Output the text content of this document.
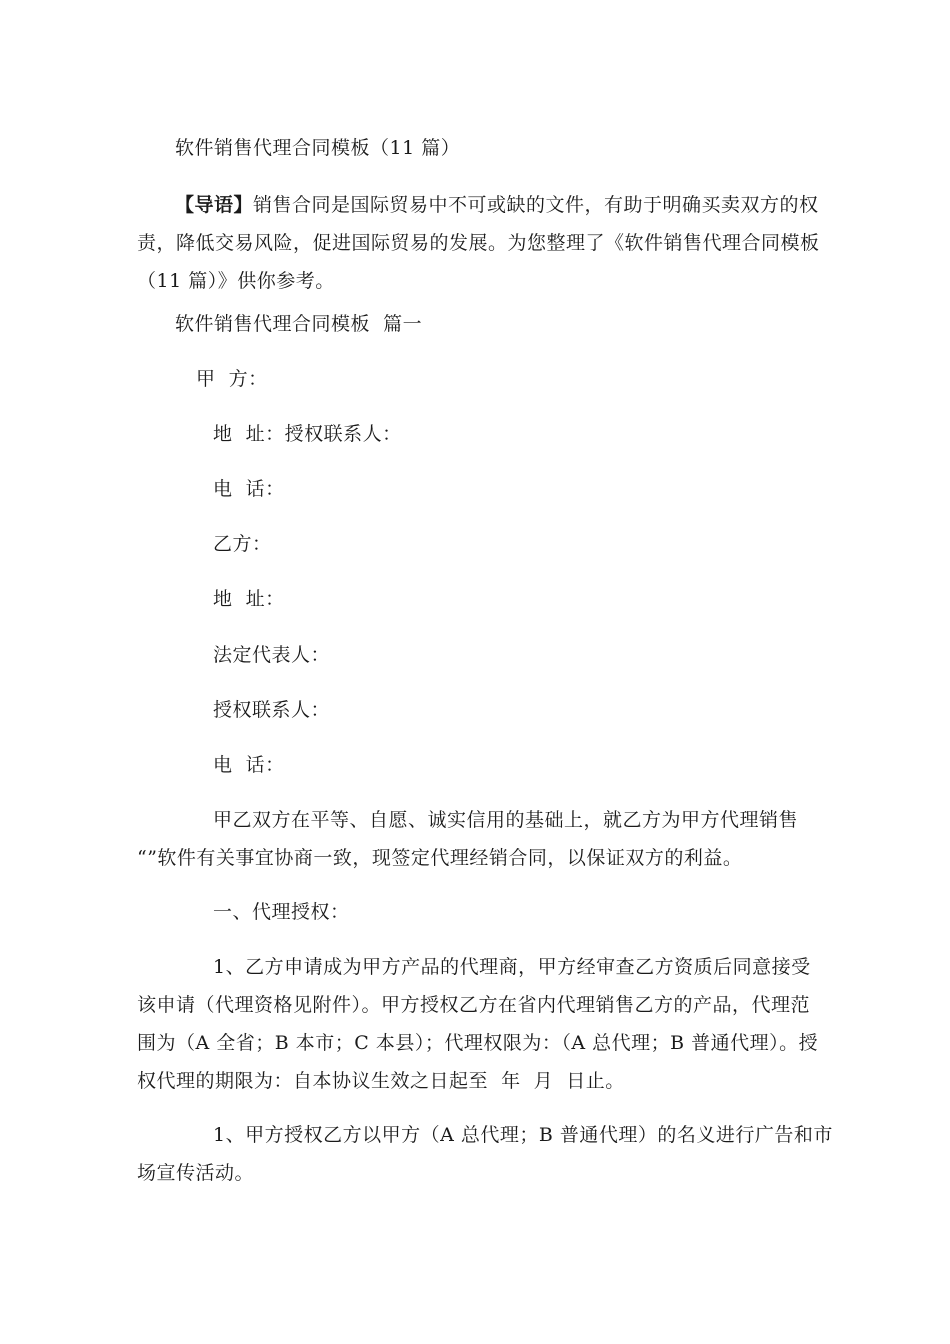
软件销售代理合同模板（11 篇）
【导语】销售合同是国际贸易中不可或缺的文件，有助于明确买卖双方的权
责，降低交易风险，促进国际贸易的发展。为您整理了《软件销售代理合同模板
（11 篇）》供你参考。
软件销售代理合同模板  篇一
甲  方：
地  址：授权联系人：
电  话：
乙方：
地  址：
法定代表人：
授权联系人：
电  话：
甲乙双方在平等、自愿、诚实信用的基础上，就乙方为甲方代理销售
“”软件有关事宜协商一致，现签定代理经销合同，以保证双方的利益。
一、代理授权：
1、乙方申请成为甲方产品的代理商，甲方经审查乙方资质后同意接受
该申请（代理资格见附件）。甲方授权乙方在省内代理销售乙方的产品，代理范
围为（A 全省；B 本市；C 本县）；代理权限为：（A 总代理；B 普通代理）。授
权代理的期限为：自本协议生效之日起至  年  月  日止。
1、甲方授权乙方以甲方（A 总代理；B 普通代理）的名义进行广告和市
场宣传活动。
